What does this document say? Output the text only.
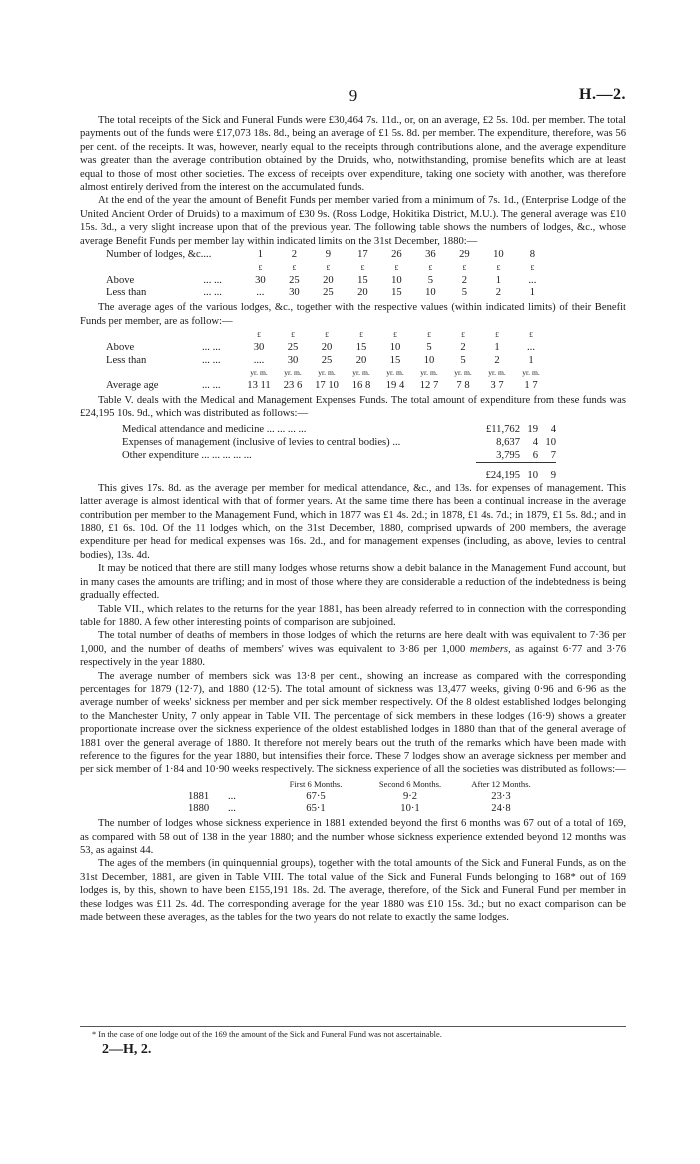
9	H.—2.

The total receipts of the Sick and Funeral Funds were £30,464 7s. 11d., or, on an average, £2 5s. 10d. per member. The total payments out of the funds were £17,073 18s. 8d., being an average of £1 5s. 8d. per member. The expenditure, therefore, was 56 per cent. of the receipts. It was, however, nearly equal to the receipts through contributions alone, and the average expenditure was greater than the average contribution obtained by the Druids, who, notwithstanding, promise benefits which are at least equal to those of most other societies. The excess of receipts over expenditure, taking one society with another, was therefore almost entirely derived from the interest on the accumulated funds.

At the end of the year the amount of Benefit Funds per member varied from a minimum of 7s. 1d., (Enterprise Lodge of the United Ancient Order of Druids) to a maximum of £30 9s. (Ross Lodge, Hokitika District, M.U.). The general average was £10 15s. 3d., a very slight increase upon that of the previous year. The following table shows the numbers of lodges, &c., whose average Benefit Funds per member lay within indicated limits on the 31st December, 1880:—

Number of lodges, &c.	...	1	2	9	17	26	36	29	10	8
		£	£	£	£	£	£	£	£	£
Above	... ...	30	25	20	15	10	5	2	1	...
Less than	... ...	...	30	25	20	15	10	5	2	1

The average ages of the various lodges, &c., together with the respective values (within indicated limits) of their Benefit Funds per member, are as follow:—

		£	£	£	£	£	£	£	£	£
Above	... ...	30	25	20	15	10	5	2	1	...
Less than	... ...	....	30	25	20	15	10	5	2	1
		yr. m.	yr. m.	yr. m.	yr. m.	yr. m.	yr. m.	yr. m.	yr. m.	yr. m.
Average age	... ...	13 11	23 6	17 10	16 8	19 4	12 7	7 8	3 7	1 7

Table V. deals with the Medical and Management Expenses Funds. The total amount of expenditure from these funds was £24,195 10s. 9d., which was distributed as follows:—

Medical attendance and medicine ... ... ... ...	£11,762	19	4
Expenses of management (inclusive of levies to central bodies) ...	8,637	4	10
Other expenditure ... ... ... ... ...	3,795	6	7
	£24,195	10	9

This gives 17s. 8d. as the average per member for medical attendance, &c., and 13s. for expenses of management. This latter average is almost identical with that of former years. At the same time there has been a continual increase in the average contribution per member to the Management Fund, which in 1877 was £1 4s. 2d.; in 1878, £1 4s. 7d.; in 1879, £1 5s. 8d.; and in 1880, £1 6s. 10d. Of the 11 lodges which, on the 31st December, 1880, comprised upwards of 200 members, the average expenditure per head for medical expenses was 16s. 2d., and for management expenses (including, as above, levies to central bodies), 13s. 4d.

It may be noticed that there are still many lodges whose returns show a debit balance in the Management Fund account, but in many cases the amounts are trifling; and in most of those where they are considerable a reduction of the indebtedness is being gradually effected.

Table VII., which relates to the returns for the year 1881, has been already referred to in connection with the corresponding table for 1880. A few other interesting points of comparison are subjoined.

The total number of deaths of members in those lodges of which the returns are here dealt with was equivalent to 7·36 per 1,000, and the number of deaths of members' wives was equivalent to 3·86 per 1,000 members, as against 6·77 and 3·76 respectively in the year 1880.

The average number of members sick was 13·8 per cent., showing an increase as compared with the corresponding percentages for 1879 (12·7), and 1880 (12·5). The total amount of sickness was 13,477 weeks, giving 0·96 and 6·96 as the average number of weeks' sickness per member and per sick member respectively. Of the 8 oldest established lodges belonging to the Manchester Unity, 7 only appear in Table VII. The percentage of sick members in these lodges (16·9) shows a greater proportionate increase over the sickness experience of the oldest established lodges in 1880 than that of the general average of 1881 over the general average of 1880. It therefore not merely bears out the truth of the remarks which have been made with reference to the figures for the year 1880, but intensifies their force. These 7 lodges show an average sickness per member and per sick member of 1·84 and 10·90 weeks respectively. The sickness experience of all the societies was distributed as follows:—

		First 6 Months.	Second 6 Months.	After 12 Months.
1881	...	67·5	9·2	23·3
1880	...	65·1	10·1	24·8

The number of lodges whose sickness experience in 1881 extended beyond the first 6 months was 67 out of a total of 169, as compared with 58 out of 138 in the year 1880; and the number whose sickness experience extended beyond 12 months was 53, as against 44.

The ages of the members (in quinquennial groups), together with the total amounts of the Sick and Funeral Funds, as on the 31st December, 1881, are given in Table VIII. The total value of the Sick and Funeral Funds belonging to 168* out of 169 lodges is, by this, shown to have been £155,191 18s. 2d. The average, therefore, of the Sick and Funeral Fund per member in these lodges was £11 2s. 4d. The corresponding average for the year 1880 was £10 15s. 3d.; but no exact comparison can be made between these averages, as the tables for the two years do not relate to exactly the same lodges.

* In the case of one lodge out of the 169 the amount of the Sick and Funeral Fund was not ascertainable.
2—H, 2.
